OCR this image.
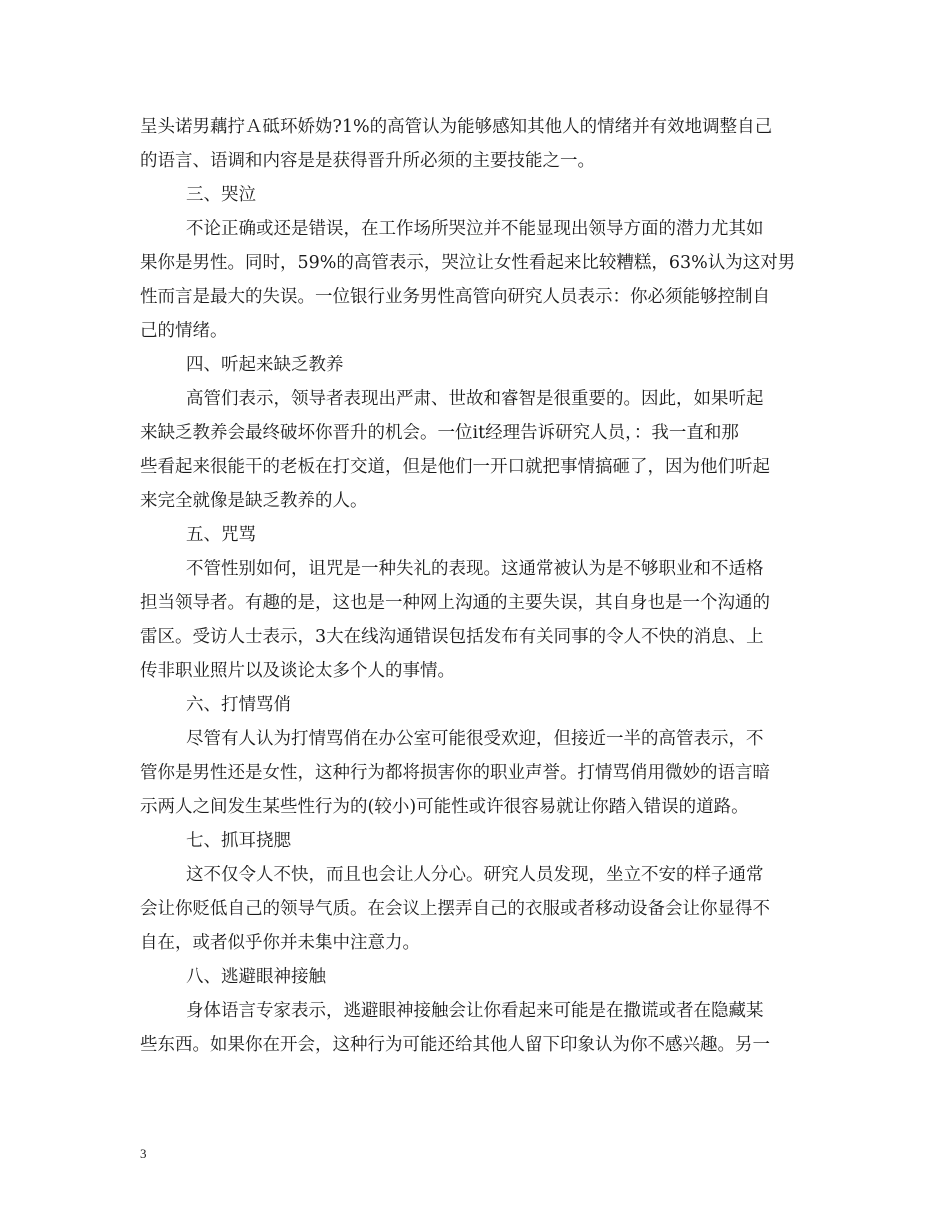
呈头诺男藕拧Ａ砥环娇妫?1%的高管认为能够感知其他人的情绪并有效地调整自己
的语言、语调和内容是是获得晋升所必须的主要技能之一。
三、哭泣
不论正确或还是错误，在工作场所哭泣并不能显现出领导方面的潜力尤其如
果你是男性。同时，59%的高管表示，哭泣让女性看起来比较糟糕，63%认为这对男
性而言是最大的失误。一位银行业务男性高管向研究人员表示：你必须能够控制自
己的情绪。
四、听起来缺乏教养
高管们表示，领导者表现出严肃、世故和睿智是很重要的。因此，如果听起
来缺乏教养会最终破坏你晋升的机会。一位it经理告诉研究人员，：我一直和那
些看起来很能干的老板在打交道，但是他们一开口就把事情搞砸了，因为他们听起
来完全就像是缺乏教养的人。
五、咒骂
不管性别如何，诅咒是一种失礼的表现。这通常被认为是不够职业和不适格
担当领导者。有趣的是，这也是一种网上沟通的主要失误，其自身也是一个沟通的
雷区。受访人士表示，3大在线沟通错误包括发布有关同事的令人不快的消息、上
传非职业照片以及谈论太多个人的事情。
六、打情骂俏
尽管有人认为打情骂俏在办公室可能很受欢迎，但接近一半的高管表示，不
管你是男性还是女性，这种行为都将损害你的职业声誉。打情骂俏用微妙的语言暗
示两人之间发生某些性行为的(较小)可能性或许很容易就让你踏入错误的道路。
七、抓耳挠腮
这不仅令人不快，而且也会让人分心。研究人员发现，坐立不安的样子通常
会让你贬低自己的领导气质。在会议上摆弄自己的衣服或者移动设备会让你显得不
自在，或者似乎你并未集中注意力。
八、逃避眼神接触
身体语言专家表示，逃避眼神接触会让你看起来可能是在撒谎或者在隐藏某
些东西。如果你在开会，这种行为可能还给其他人留下印象认为你不感兴趣。另一
3
